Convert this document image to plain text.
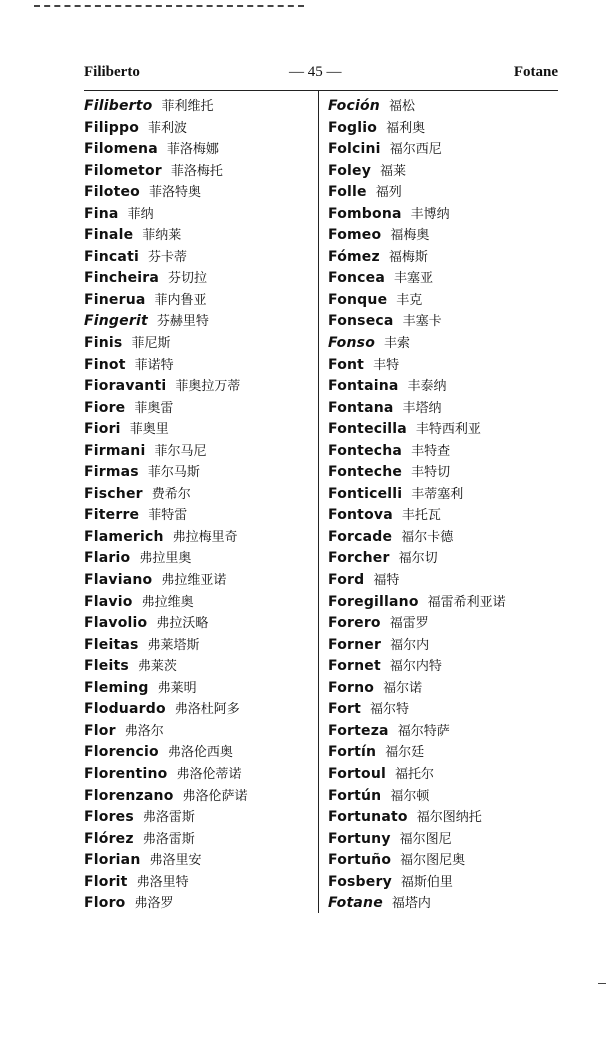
Filiberto	— 45 —	Fotane
Filiberto 菲利维托
Filippo 菲利波
Filomena 菲洛梅娜
Filometor 菲洛梅托
Filoteo 菲洛特奥
Fina 菲纳
Finale 菲纳莱
Fincati 芬卡蒂
Fincheira 芬切拉
Finerua 菲内鲁亚
Fingerit 芬赫里特
Finis 菲尼斯
Finot 菲诺特
Fioravanti 菲奥拉万蒂
Fiore 菲奥雷
Fiori 菲奥里
Firmani 菲尔马尼
Firmas 菲尔马斯
Fischer 费希尔
Fiterre 菲特雷
Flamerich 弗拉梅里奇
Flario 弗拉里奥
Flaviano 弗拉维亚诺
Flavio 弗拉维奥
Flavolio 弗拉沃略
Fleitas 弗莱塔斯
Fleits 弗莱茨
Fleming 弗莱明
Floduardo 弗洛杜阿多
Flor 弗洛尔
Florencio 弗洛伦西奥
Florentino 弗洛伦蒂诺
Florenzano 弗洛伦萨诺
Flores 弗洛雷斯
Flórez 弗洛雷斯
Florian 弗洛里安
Florit 弗洛里特
Floro 弗洛罗
Foción 福松
Foglio 福利奥
Folcini 福尔西尼
Foley 福莱
Folle 福列
Fombona 丰博纳
Fomeo 福梅奥
Fómez 福梅斯
Foncea 丰塞亚
Fonque 丰克
Fonseca 丰塞卡
Fonso 丰索
Font 丰特
Fontaina 丰泰纳
Fontana 丰塔纳
Fontecilla 丰特西利亚
Fontecha 丰特查
Fonteche 丰特切
Fonticelli 丰蒂塞利
Fontova 丰托瓦
Forcade 福尔卡德
Forcher 福尔切
Ford 福特
Foregillano 福雷希利亚诺
Forero 福雷罗
Forner 福尔内
Fornet 福尔内特
Forno 福尔诺
Fort 福尔特
Forteza 福尔特萨
Fortín 福尔廷
Fortoul 福托尔
Fortún 福尔顿
Fortunato 福尔图纳托
Fortuny 福尔图尼
Fortuño 福尔图尼奥
Fosbery 福斯伯里
Fotane 福塔内
